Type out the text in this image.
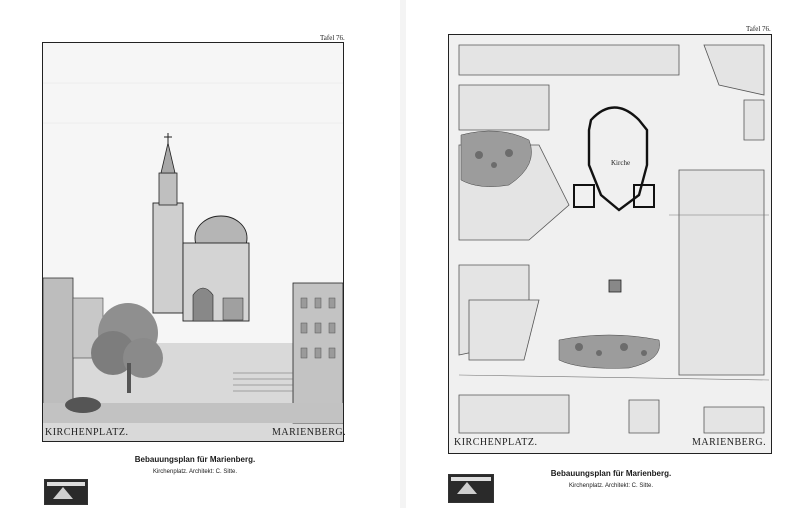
Tafel 76.
KIRCHENPLATZ.	MARIENBERG.
Bebauungsplan für Marienberg.
Kirchenplatz. Architekt: C. Sitte.
Tafel 76.
Kirche
KIRCHENPLATZ.	MARIENBERG.
Bebauungsplan für Marienberg.
Kirchenplatz. Architekt: C. Sitte.
